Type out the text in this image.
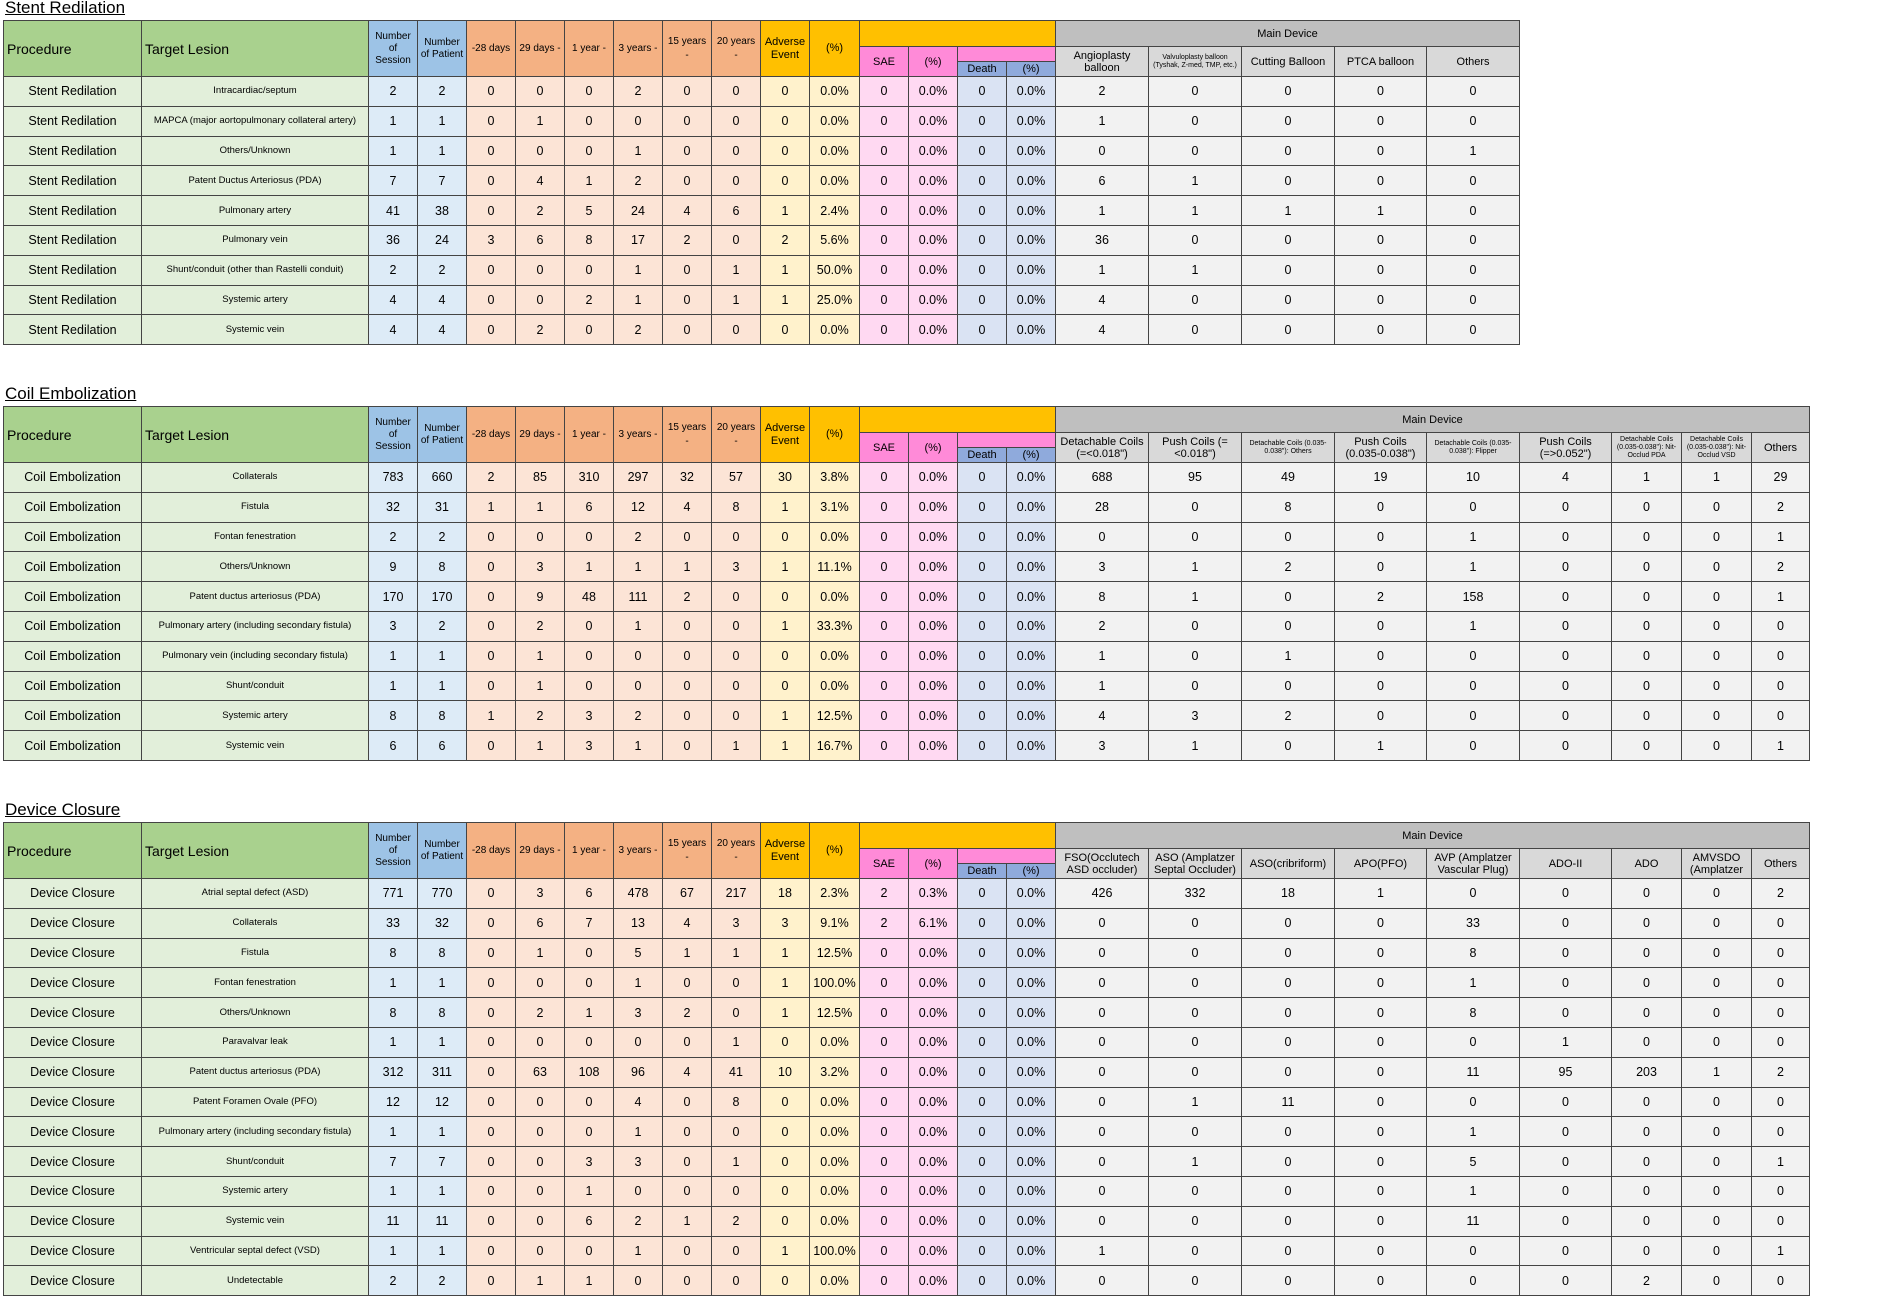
Stent Redilation
Procedure	Target Lesion	Number of Session	Number of Patient	-28 days	29 days -	1 year -	3 years -	15 years -	20 years -	Adverse Event	(%)					Main Device				
												SAE	(%)			Angioplasty balloon	Valvuloplasty balloon (Tyshak, Z-med, TMP, etc.)	Cutting Balloon	PTCA balloon	Others
														Death	(%)					
Stent Redilation	Intracardiac/septum	2	2	0	0	0	2	0	0	0	0.0%	0	0.0%	0	0.0%	2	0	0	0	0
Stent Redilation	MAPCA (major aortopulmonary collateral artery)	1	1	0	1	0	0	0	0	0	0.0%	0	0.0%	0	0.0%	1	0	0	0	0
Stent Redilation	Others/Unknown	1	1	0	0	0	1	0	0	0	0.0%	0	0.0%	0	0.0%	0	0	0	0	1
Stent Redilation	Patent Ductus Arteriosus (PDA)	7	7	0	4	1	2	0	0	0	0.0%	0	0.0%	0	0.0%	6	1	0	0	0
Stent Redilation	Pulmonary artery	41	38	0	2	5	24	4	6	1	2.4%	0	0.0%	0	0.0%	1	1	1	1	0
Stent Redilation	Pulmonary vein	36	24	3	6	8	17	2	0	2	5.6%	0	0.0%	0	0.0%	36	0	0	0	0
Stent Redilation	Shunt/conduit (other than Rastelli conduit)	2	2	0	0	0	1	0	1	1	50.0%	0	0.0%	0	0.0%	1	1	0	0	0
Stent Redilation	Systemic artery	4	4	0	0	2	1	0	1	1	25.0%	0	0.0%	0	0.0%	4	0	0	0	0
Stent Redilation	Systemic vein	4	4	0	2	0	2	0	0	0	0.0%	0	0.0%	0	0.0%	4	0	0	0	0
Coil Embolization
Procedure	Target Lesion	Number of Session	Number of Patient	-28 days	29 days -	1 year -	3 years -	15 years -	20 years -	Adverse Event	(%)					Main Device								
												SAE	(%)			Detachable Coils (=<0.018")	Push Coils (=<0.018")	Detachable Coils (0.035-0.038"): Others	Push Coils (0.035-0.038")	Detachable Coils (0.035-0.038"): Flipper	Push Coils (=>0.052")	Detachable Coils (0.035-0.038"): Nit-Occlud PDA	Detachable Coils (0.035-0.038"): Nit-Occlud VSD	Others
														Death	(%)									
Coil Embolization	Collaterals	783	660	2	85	310	297	32	57	30	3.8%	0	0.0%	0	0.0%	688	95	49	19	10	4	1	1	29
Coil Embolization	Fistula	32	31	1	1	6	12	4	8	1	3.1%	0	0.0%	0	0.0%	28	0	8	0	0	0	0	0	2
Coil Embolization	Fontan fenestration	2	2	0	0	0	2	0	0	0	0.0%	0	0.0%	0	0.0%	0	0	0	0	1	0	0	0	1
Coil Embolization	Others/Unknown	9	8	0	3	1	1	1	3	1	11.1%	0	0.0%	0	0.0%	3	1	2	0	1	0	0	0	2
Coil Embolization	Patent ductus arteriosus (PDA)	170	170	0	9	48	111	2	0	0	0.0%	0	0.0%	0	0.0%	8	1	0	2	158	0	0	0	1
Coil Embolization	Pulmonary artery (including secondary fistula)	3	2	0	2	0	1	0	0	1	33.3%	0	0.0%	0	0.0%	2	0	0	0	1	0	0	0	0
Coil Embolization	Pulmonary vein (including secondary fistula)	1	1	0	1	0	0	0	0	0	0.0%	0	0.0%	0	0.0%	1	0	1	0	0	0	0	0	0
Coil Embolization	Shunt/conduit	1	1	0	1	0	0	0	0	0	0.0%	0	0.0%	0	0.0%	1	0	0	0	0	0	0	0	0
Coil Embolization	Systemic artery	8	8	1	2	3	2	0	0	1	12.5%	0	0.0%	0	0.0%	4	3	2	0	0	0	0	0	0
Coil Embolization	Systemic vein	6	6	0	1	3	1	0	1	1	16.7%	0	0.0%	0	0.0%	3	1	0	1	0	0	0	0	1
Device Closure
Procedure	Target Lesion	Number of Session	Number of Patient	-28 days	29 days -	1 year -	3 years -	15 years -	20 years -	Adverse Event	(%)					Main Device								
												SAE	(%)			FSO(Occlutech ASD occluder)	ASO (Amplatzer Septal Occluder)	ASO(cribriform)	APO(PFO)	AVP (Amplatzer Vascular Plug)	ADO-II	ADO	AMVSDO (Amplatzer	Others
														Death	(%)									
Device Closure	Atrial septal defect (ASD)	771	770	0	3	6	478	67	217	18	2.3%	2	0.3%	0	0.0%	426	332	18	1	0	0	0	0	2
Device Closure	Collaterals	33	32	0	6	7	13	4	3	3	9.1%	2	6.1%	0	0.0%	0	0	0	0	33	0	0	0	0
Device Closure	Fistula	8	8	0	1	0	5	1	1	1	12.5%	0	0.0%	0	0.0%	0	0	0	0	8	0	0	0	0
Device Closure	Fontan fenestration	1	1	0	0	0	1	0	0	1	100.0%	0	0.0%	0	0.0%	0	0	0	0	1	0	0	0	0
Device Closure	Others/Unknown	8	8	0	2	1	3	2	0	1	12.5%	0	0.0%	0	0.0%	0	0	0	0	8	0	0	0	0
Device Closure	Paravalvar leak	1	1	0	0	0	0	0	1	0	0.0%	0	0.0%	0	0.0%	0	0	0	0	0	1	0	0	0
Device Closure	Patent ductus arteriosus (PDA)	312	311	0	63	108	96	4	41	10	3.2%	0	0.0%	0	0.0%	0	0	0	0	11	95	203	1	2
Device Closure	Patent Foramen Ovale (PFO)	12	12	0	0	0	4	0	8	0	0.0%	0	0.0%	0	0.0%	0	1	11	0	0	0	0	0	0
Device Closure	Pulmonary artery (including secondary fistula)	1	1	0	0	0	1	0	0	0	0.0%	0	0.0%	0	0.0%	0	0	0	0	1	0	0	0	0
Device Closure	Shunt/conduit	7	7	0	0	3	3	0	1	0	0.0%	0	0.0%	0	0.0%	0	1	0	0	5	0	0	0	1
Device Closure	Systemic artery	1	1	0	0	1	0	0	0	0	0.0%	0	0.0%	0	0.0%	0	0	0	0	1	0	0	0	0
Device Closure	Systemic vein	11	11	0	0	6	2	1	2	0	0.0%	0	0.0%	0	0.0%	0	0	0	0	11	0	0	0	0
Device Closure	Ventricular septal defect (VSD)	1	1	0	0	0	1	0	0	1	100.0%	0	0.0%	0	0.0%	1	0	0	0	0	0	0	0	1
Device Closure	Undetectable	2	2	0	1	1	0	0	0	0	0.0%	0	0.0%	0	0.0%	0	0	0	0	0	0	2	0	0
